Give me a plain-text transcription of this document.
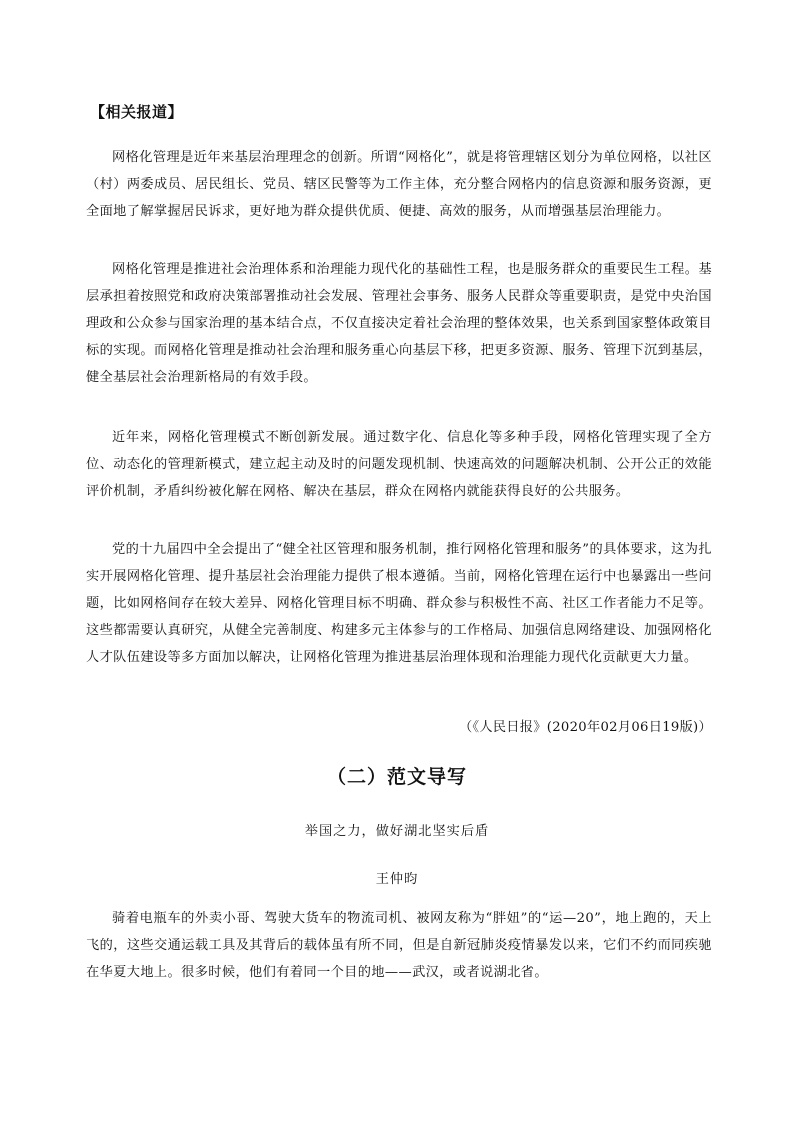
【相关报道】

网格化管理是近年来基层治理理念的创新。所谓“网格化”，就是将管理辖区划分为单位网格，以社区（村）两委成员、居民组长、党员、辖区民警等为工作主体，充分整合网格内的信息资源和服务资源，更全面地了解掌握居民诉求，更好地为群众提供优质、便捷、高效的服务，从而增强基层治理能力。

网格化管理是推进社会治理体系和治理能力现代化的基础性工程，也是服务群众的重要民生工程。基层承担着按照党和政府决策部署推动社会发展、管理社会事务、服务人民群众等重要职责，是党中央治国理政和公众参与国家治理的基本结合点，不仅直接决定着社会治理的整体效果，也关系到国家整体政策目标的实现。而网格化管理是推动社会治理和服务重心向基层下移，把更多资源、服务、管理下沉到基层，健全基层社会治理新格局的有效手段。

近年来，网格化管理模式不断创新发展。通过数字化、信息化等多种手段，网格化管理实现了全方位、动态化的管理新模式，建立起主动及时的问题发现机制、快速高效的问题解决机制、公开公正的效能评价机制，矛盾纠纷被化解在网格、解决在基层，群众在网格内就能获得良好的公共服务。

党的十九届四中全会提出了“健全社区管理和服务机制，推行网格化管理和服务”的具体要求，这为扎实开展网格化管理、提升基层社会治理能力提供了根本遵循。当前，网格化管理在运行中也暴露出一些问题，比如网格间存在较大差异、网格化管理目标不明确、群众参与积极性不高、社区工作者能力不足等。这些都需要认真研究，从健全完善制度、构建多元主体参与的工作格局、加强信息网络建设、加强网格化人才队伍建设等多方面加以解决，让网格化管理为推进基层治理体现和治理能力现代化贡献更大力量。

（《人民日报》(2020年02月06日19版)）
（二）范文导写
举国之力，做好湖北坚实后盾
王仲昀

骑着电瓶车的外卖小哥、驾驶大货车的物流司机、被网友称为“胖妞”的“运—20”，地上跑的，天上飞的，这些交通运载工具及其背后的载体虽有所不同，但是自新冠肺炎疫情暴发以来，它们不约而同疾驰在华夏大地上。很多时候，他们有着同一个目的地——武汉，或者说湖北省。
